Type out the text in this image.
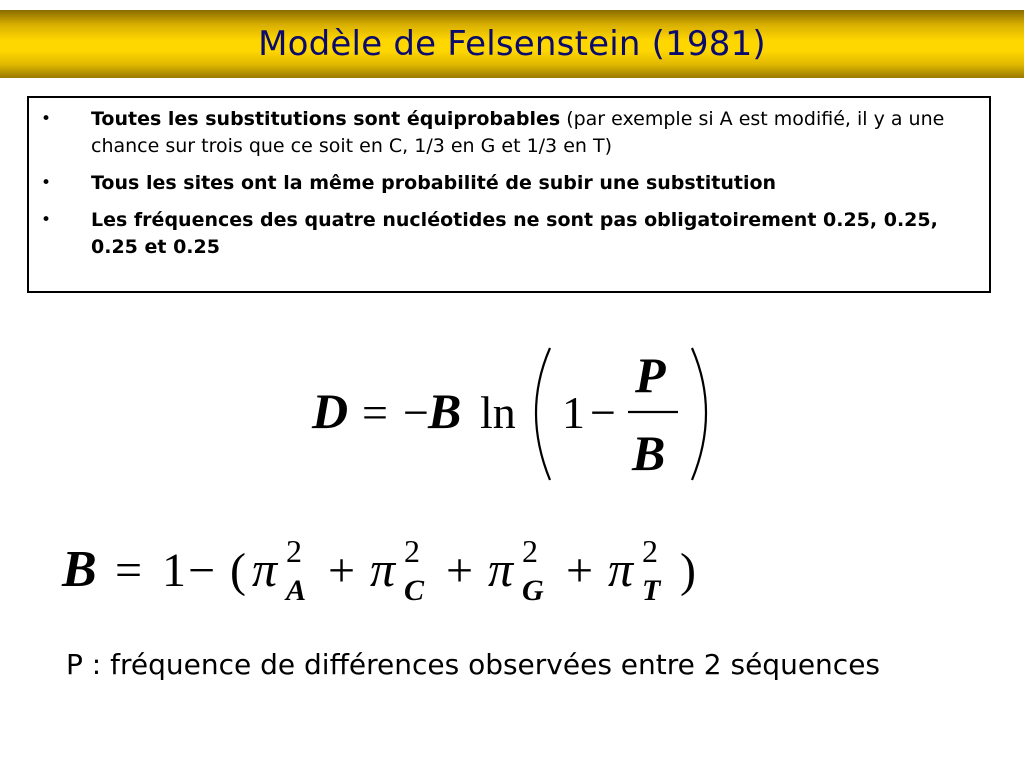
Modèle de Felsenstein (1981)
• Toutes les substitutions sont équiprobables (par exemple si A est modifié, il y a une chance sur trois que ce soit en C, 1/3 en G et 1/3 en T)
• Tous les sites ont la même probabilité de subir une substitution
• Les fréquences des quatre nucléotides ne sont pas obligatoirement 0.25, 0.25, 0.25 et 0.25
D = − B ln 1 −
P
B
B = 1 − ( π 2
A + π 2
C + π 2
G + π 2
T )
P : fréquence de différences observées entre 2 séquences
